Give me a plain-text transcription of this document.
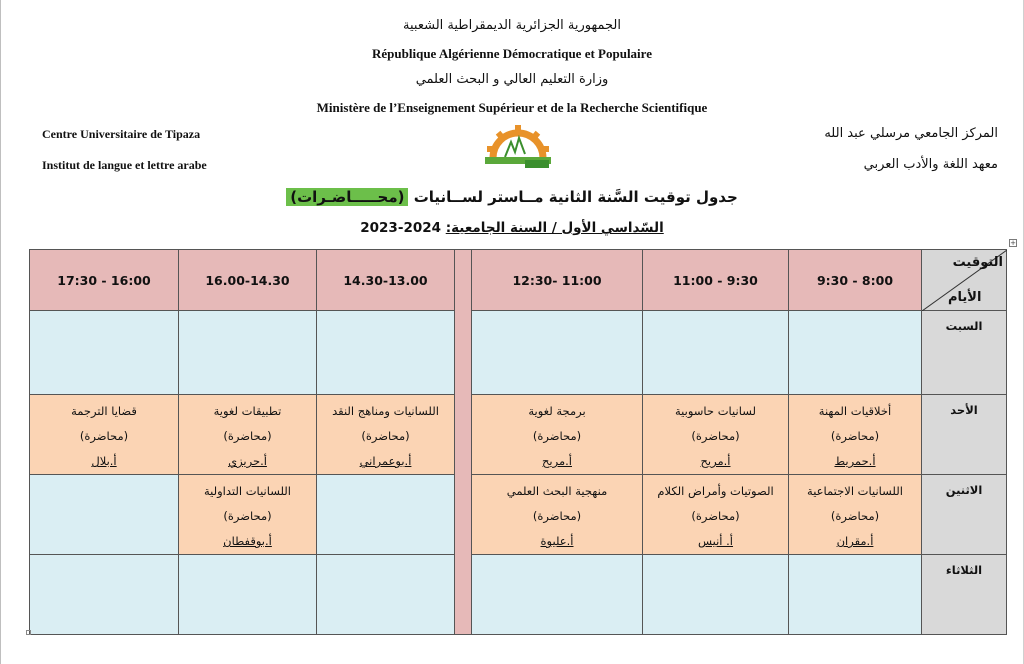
الجمهورية الجزائرية الديمقراطية الشعبية
République Algérienne Démocratique et Populaire
وزارة التعليم العالي و البحث العلمي
Ministère de l’Enseignement Supérieur et de la Recherche Scientifique
Centre Universitaire de Tipaza
Institut de langue et lettre arabe
المركز الجامعي مرسلي عبد الله
معهد اللغة والأدب العربي
جدول توقيت السَّنة الثانية مــاستر لســانيات (محـــــاضـرات)
السّداسي الأول / السنة الجامعية: 2024-2023
+
التوقيت
الأيام	9:30 - 8:00	11:00 - 9:30	12:30- 11:00		14.30-13.00	16.00-14.30	17:30 - 16:00
السبت							
الأحد	أخلاقيات المهنة
(محاضرة)
أ.حمريط	لسانيات حاسوبية
(محاضرة)
أ.مريح	برمجة لغوية
(محاضرة)
أ.مريح		اللسانيات ومناهج النقد
(محاضرة)
أ.بوعمراني	تطبيقات لغوية
(محاضرة)
أ.حريزي	قضايا الترجمة
(محاضرة)
أ.بلال

الاثنين	اللسانيات الاجتماعية
(محاضرة)
أ.مقران	الصوتيات وأمراض الكلام
(محاضرة)
أ. أنيس	منهجية البحث العلمي
(محاضرة)
أ.عليوة			اللسانيات التداولية
(محاضرة)
أ.بوقفطان	

الثلاثاء							
